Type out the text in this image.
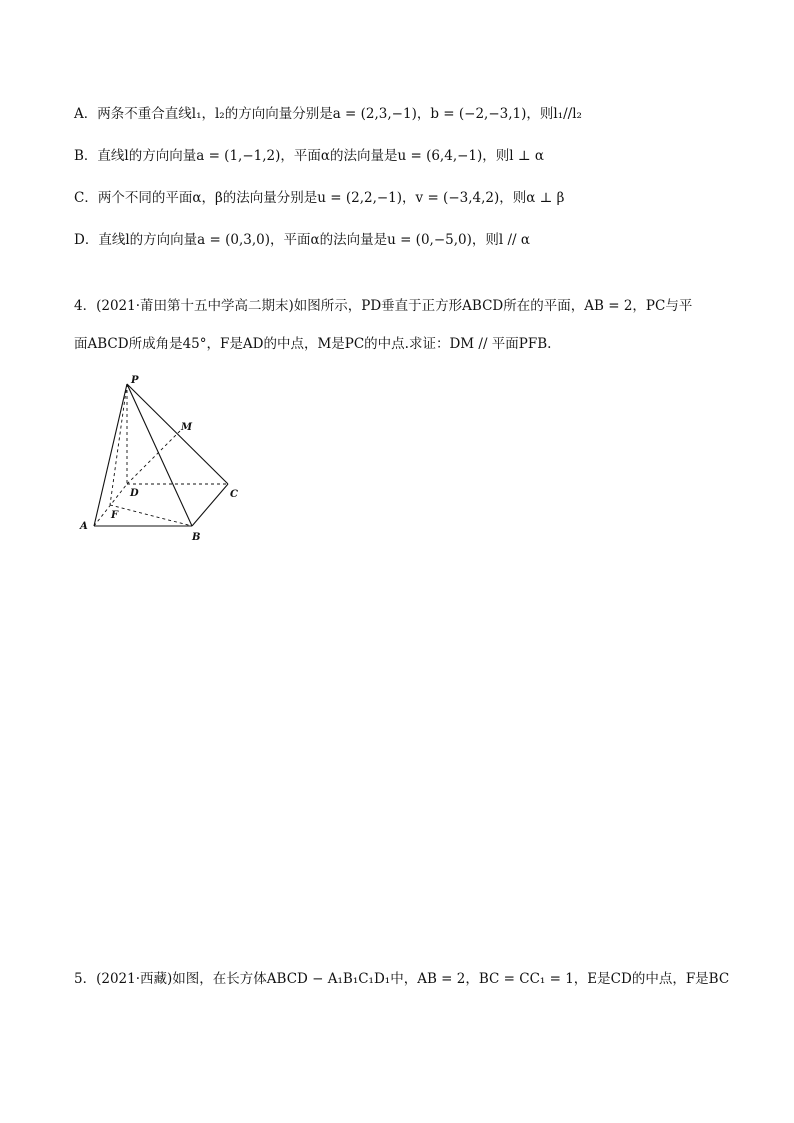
A．两条不重合直线l₁，l₂的方向向量分别是a = (2,3,−1)，b = (−2,−3,1)，则l₁//l₂
B．直线l的方向向量a = (1,−1,2)，平面α的法向量是u = (6,4,−1)，则l ⊥ α
C．两个不同的平面α，β的法向量分别是u = (2,2,−1)，v = (−3,4,2)，则α ⊥ β
D．直线l的方向向量a = (0,3,0)，平面α的法向量是u = (0,−5,0)，则l // α
4．(2021·莆田第十五中学高二期末)如图所示，PD垂直于正方形ABCD所在的平面，AB = 2，PC与平
面ABCD所成角是45°，F是AD的中点，M是PC的中点.求证：DM // 平面PFB.
P
M
D	C
A
F
B
5．(2021·西藏)如图，在长方体ABCD − A₁B₁C₁D₁中，AB = 2，BC = CC₁ = 1，E是CD的中点，F是BC
